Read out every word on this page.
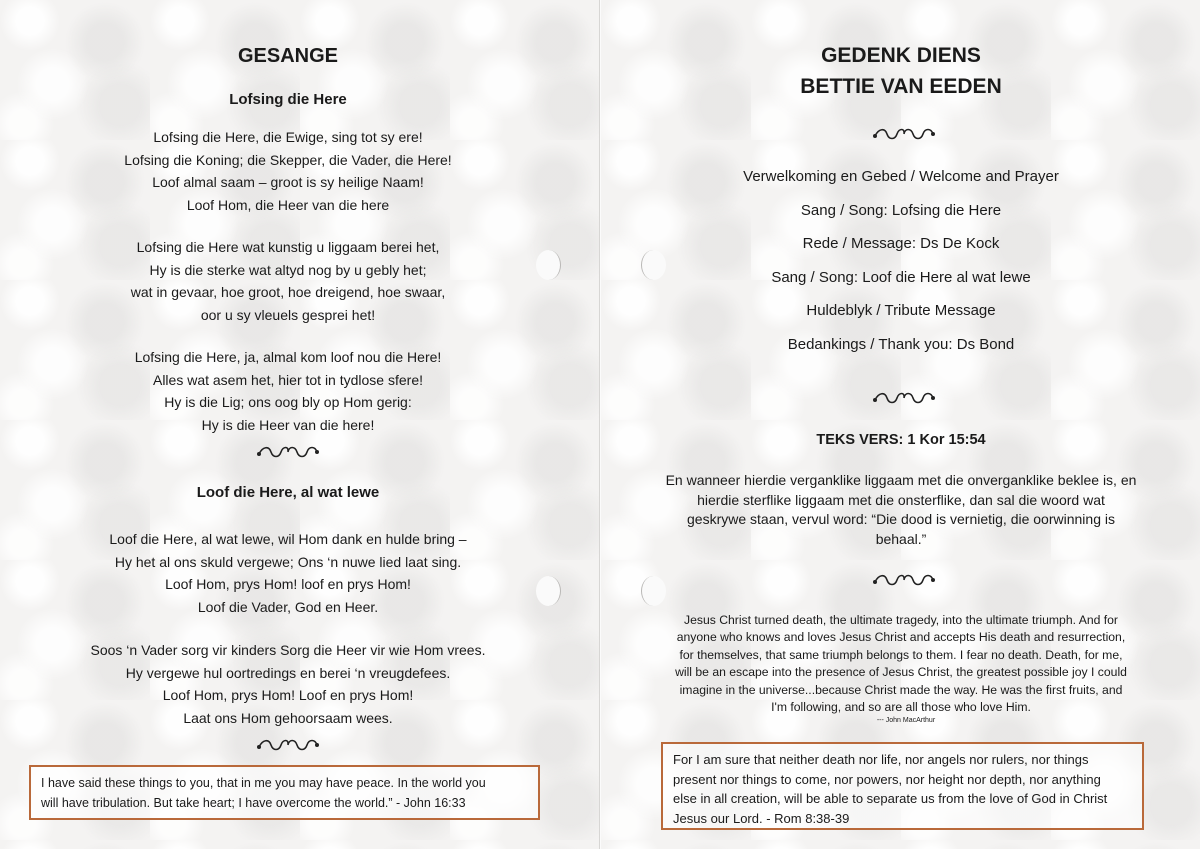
GESANGE
Lofsing die Here
Lofsing die Here, die Ewige, sing tot sy ere!
Lofsing die Koning; die Skepper, die Vader, die Here!
Loof almal saam – groot is sy heilige Naam!
Loof Hom, die Heer van die here
Lofsing die Here wat kunstig u liggaam berei het,
Hy is die sterke wat altyd nog by u gebly het;
wat in gevaar, hoe groot, hoe dreigend, hoe swaar,
oor u sy vleuels gesprei het!
Lofsing die Here, ja, almal kom loof nou die Here!
Alles wat asem het, hier tot in tydlose sfere!
Hy is die Lig; ons oog bly op Hom gerig:
Hy is die Heer van die here!
Loof die Here, al wat lewe
Loof die Here, al wat lewe, wil Hom dank en hulde bring –
Hy het al ons skuld vergewe; Ons ‘n nuwe lied laat sing.
Loof Hom, prys Hom! loof en prys Hom!
Loof die Vader, God en Heer.
Soos ‘n Vader sorg vir kinders Sorg die Heer vir wie Hom vrees.
Hy vergewe hul oortredings en berei ‘n vreugdefees.
Loof Hom, prys Hom! Loof en prys Hom!
Laat ons Hom gehoorsaam wees.
I have said these things to you, that in me you may have peace. In the world you
will have tribulation. But take heart; I have overcome the world.” - John 16:33
GEDENK DIENS
BETTIE VAN EEDEN
Verwelkoming en Gebed / Welcome and Prayer
Sang / Song: Lofsing die Here
Rede / Message: Ds De Kock
Sang / Song: Loof die Here al wat lewe
Huldeblyk / Tribute Message
Bedankings / Thank you: Ds Bond
TEKS VERS: 1 Kor 15:54
En wanneer hierdie verganklike liggaam met die onverganklike beklee is, en
hierdie sterflike liggaam met die onsterflike, dan sal die woord wat
geskrywe staan, vervul word: “Die dood is vernietig, die oorwinning is
behaal.”
Jesus Christ turned death, the ultimate tragedy, into the ultimate triumph. And for
anyone who knows and loves Jesus Christ and accepts His death and resurrection,
for themselves, that same triumph belongs to them. I fear no death. Death, for me,
will be an escape into the presence of Jesus Christ, the greatest possible joy I could
imagine in the universe...because Christ made the way. He was the first fruits, and
I'm following, and so are all those who love Him.
--- John MacArthur
For I am sure that neither death nor life, nor angels nor rulers, nor things
present nor things to come, nor powers, nor height nor depth, nor anything
else in all creation, will be able to separate us from the love of God in Christ
Jesus our Lord. - Rom 8:38-39
